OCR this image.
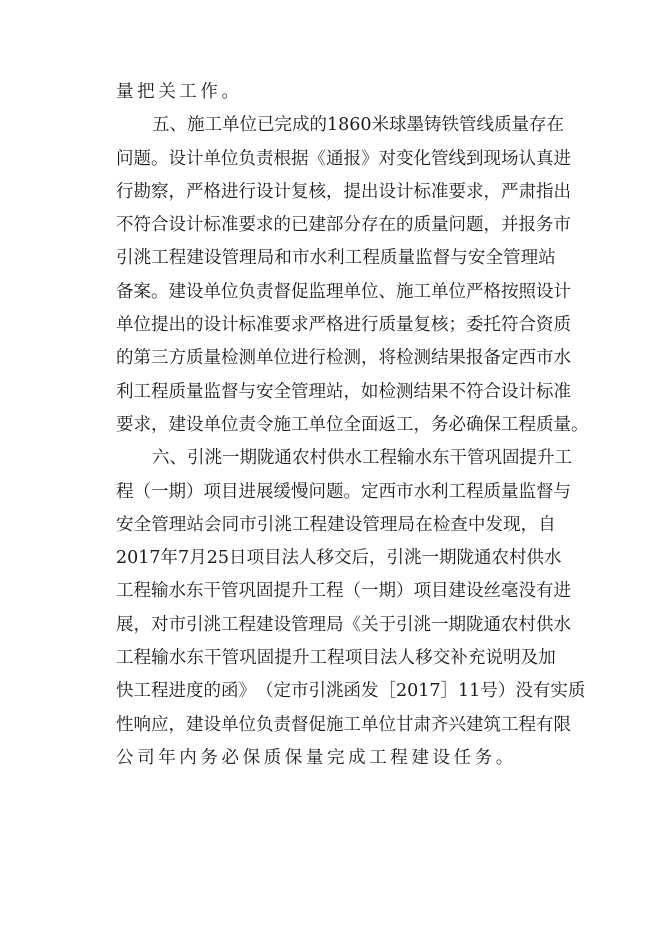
量把关工作。
五 、 施 工 单 位 已 完 成 的 1860 米 球 墨 铸 铁 管 线 质 量 存 在
问 题 。 设 计 单 位 负 责 根 据 《 通 报 》 对 变 化 管 线 到 现 场 认 真 进
行 勘 察 ， 严 格 进 行 设 计 复 核 ， 提 出 设 计 标 准 要 求 ， 严 肃 指 出
不 符 合 设 计 标 准 要 求 的 已 建 部 分 存 在 的 质 量 问 题 ， 并 报 务 市
引 洮 工 程 建 设 管 理 局 和 市 水 利 工 程 质 量 监 督 与 安 全 管 理 站
备 案 。 建 设 单 位 负 责 督 促 监 理 单 位 、 施 工 单 位 严 格 按 照 设 计
单 位 提 出 的 设 计 标 准 要 求 严 格 进 行 质 量 复 核 ； 委 托 符 合 资 质
的 第 三 方 质 量 检 测 单 位 进 行 检 测 ， 将 检 测 结 果 报 备 定 西 市 水
利 工 程 质 量 监 督 与 安 全 管 理 站 ， 如 检 测 结 果 不 符 合 设 计 标 准
要 求 ， 建 设 单 位 责 令 施 工 单 位 全 面 返 工 ， 务 必 确 保 工 程 质 量 。
六 、 引 洮 一 期 陇 通 农 村 供 水 工 程 输 水 东 干 管 巩 固 提 升 工
程 （ 一 期 ） 项 目 进 展 缓 慢 问 题 。 定 西 市 水 利 工 程 质 量 监 督 与
安 全 管 理 站 会 同 市 引 洮 工 程 建 设 管 理 局 在 检 查 中 发 现 ， 自
2017 年 7 月 25 日 项 目 法 人 移 交 后 ， 引 洮 一 期 陇 通 农 村 供 水
工 程 输 水 东 干 管 巩 固 提 升 工 程 （ 一 期 ） 项 目 建 设 丝 毫 没 有 进
展 ， 对 市 引 洮 工 程 建 设 管 理 局 《 关 于 引 洮 一 期 陇 通 农 村 供 水
工 程 输 水 东 干 管 巩 固 提 升 工 程 项 目 法 人 移 交 补 充 说 明 及 加
快 工 程 进 度 的 函 》 （ 定 市 引 洮 函 发 ［ 2017 ］ 11 号 ） 没 有 实 质
性 响 应 ， 建 设 单 位 负 责 督 促 施 工 单 位 甘 肃 齐 兴 建 筑 工 程 有 限
公司年内务必保质保量完成工程建设任务。
